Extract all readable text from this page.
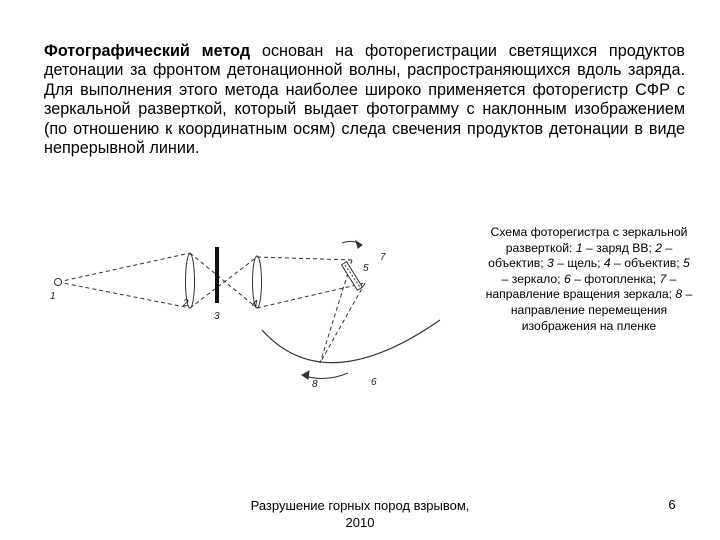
Фотографический метод основан на фоторегистрации светящихся продуктов детонации за фронтом детонационной волны, распространяющихся вдоль заряда. Для выполнения этого метода наиболее широко применяется фоторегистр СФР с зеркальной разверткой, который выдает фотограмму с наклонным изображением (по отношению к координатным осям) следа свечения продуктов детонации в виде непрерывной линии.

1
2
3
4
5
6
7
8
Схема фоторегистра с зеркальной разверткой: 1 – заряд ВВ; 2 – объектив; 3 – щель; 4 – объектив; 5 – зеркало; 6 – фотопленка; 7 – направление вращения зеркала; 8 – направление перемещения изображения на пленке
Разрушение горных пород взрывом, 2010
6
